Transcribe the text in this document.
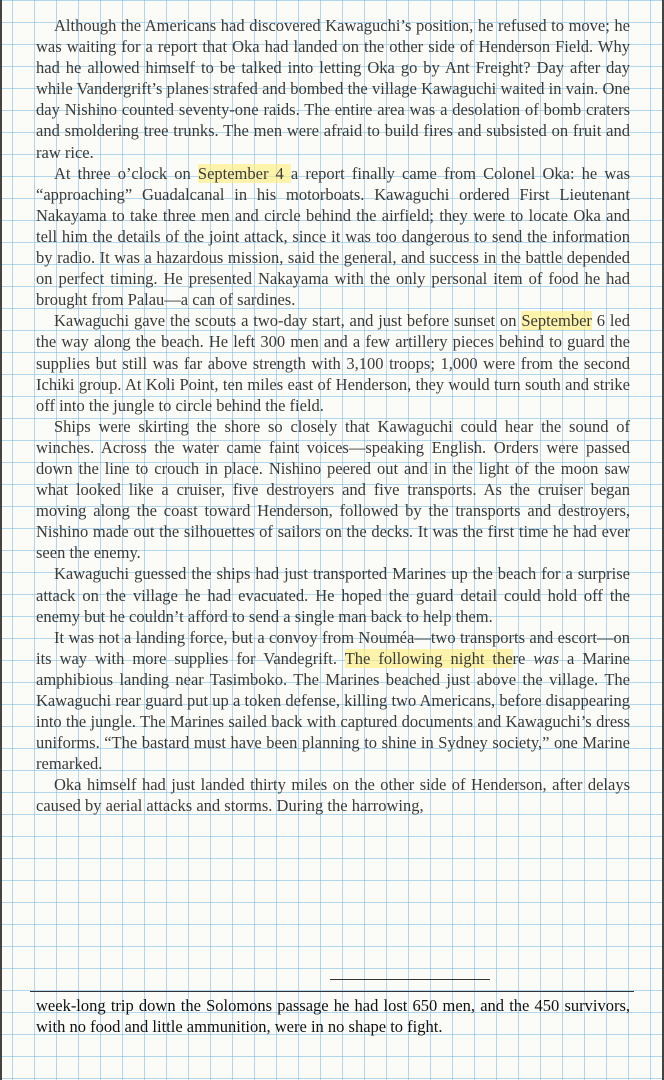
Although the Americans had discovered Kawaguchi’s position, he refused to move; he was waiting for a report that Oka had landed on the other side of Henderson Field. Why had he allowed himself to be talked into letting Oka go by Ant Freight? Day after day while Vandergrift’s planes strafed and bombed the village Kawaguchi waited in vain. One day Nishino counted seventy-one raids. The entire area was a desolation of bomb craters and smoldering tree trunks. The men were afraid to build fires and subsisted on fruit and raw rice.

At three o’clock on September 4 a report finally came from Colonel Oka: he was “approaching” Guadalcanal in his motorboats. Kawaguchi ordered First Lieutenant Nakayama to take three men and circle behind the airfield; they were to locate Oka and tell him the details of the joint attack, since it was too dangerous to send the information by radio. It was a hazardous mission, said the general, and success in the battle depended on perfect timing. He presented Nakayama with the only personal item of food he had brought from Palau—a can of sardines.

Kawaguchi gave the scouts a two-day start, and just before sunset on September 6 led the way along the beach. He left 300 men and a few artillery pieces behind to guard the supplies but still was far above strength with 3,100 troops; 1,000 were from the second Ichiki group. At Koli Point, ten miles east of Henderson, they would turn south and strike off into the jungle to circle behind the field.

Ships were skirting the shore so closely that Kawaguchi could hear the sound of winches. Across the water came faint voices—speaking English. Orders were passed down the line to crouch in place. Nishino peered out and in the light of the moon saw what looked like a cruiser, five destroyers and five transports. As the cruiser began moving along the coast toward Henderson, followed by the transports and destroyers, Nishino made out the silhouettes of sailors on the decks. It was the first time he had ever seen the enemy.

Kawaguchi guessed the ships had just transported Marines up the beach for a surprise attack on the village he had evacuated. He hoped the guard detail could hold off the enemy but he couldn’t afford to send a single man back to help them.

It was not a landing force, but a convoy from Nouméa—two transports and escort—on its way with more supplies for Vandegrift. The following night there was a Marine amphibious landing near Tasimboko. The Marines beached just above the village. The Kawaguchi rear guard put up a token defense, killing two Americans, before disappearing into the jungle. The Marines sailed back with captured documents and Kawaguchi’s dress uniforms. “The bastard must have been planning to shine in Sydney society,” one Marine remarked.

Oka himself had just landed thirty miles on the other side of Henderson, after delays caused by aerial attacks and storms. During the harrowing,

week-long trip down the Solomons passage he had lost 650 men, and the 450 survivors, with no food and little ammunition, were in no shape to fight.
